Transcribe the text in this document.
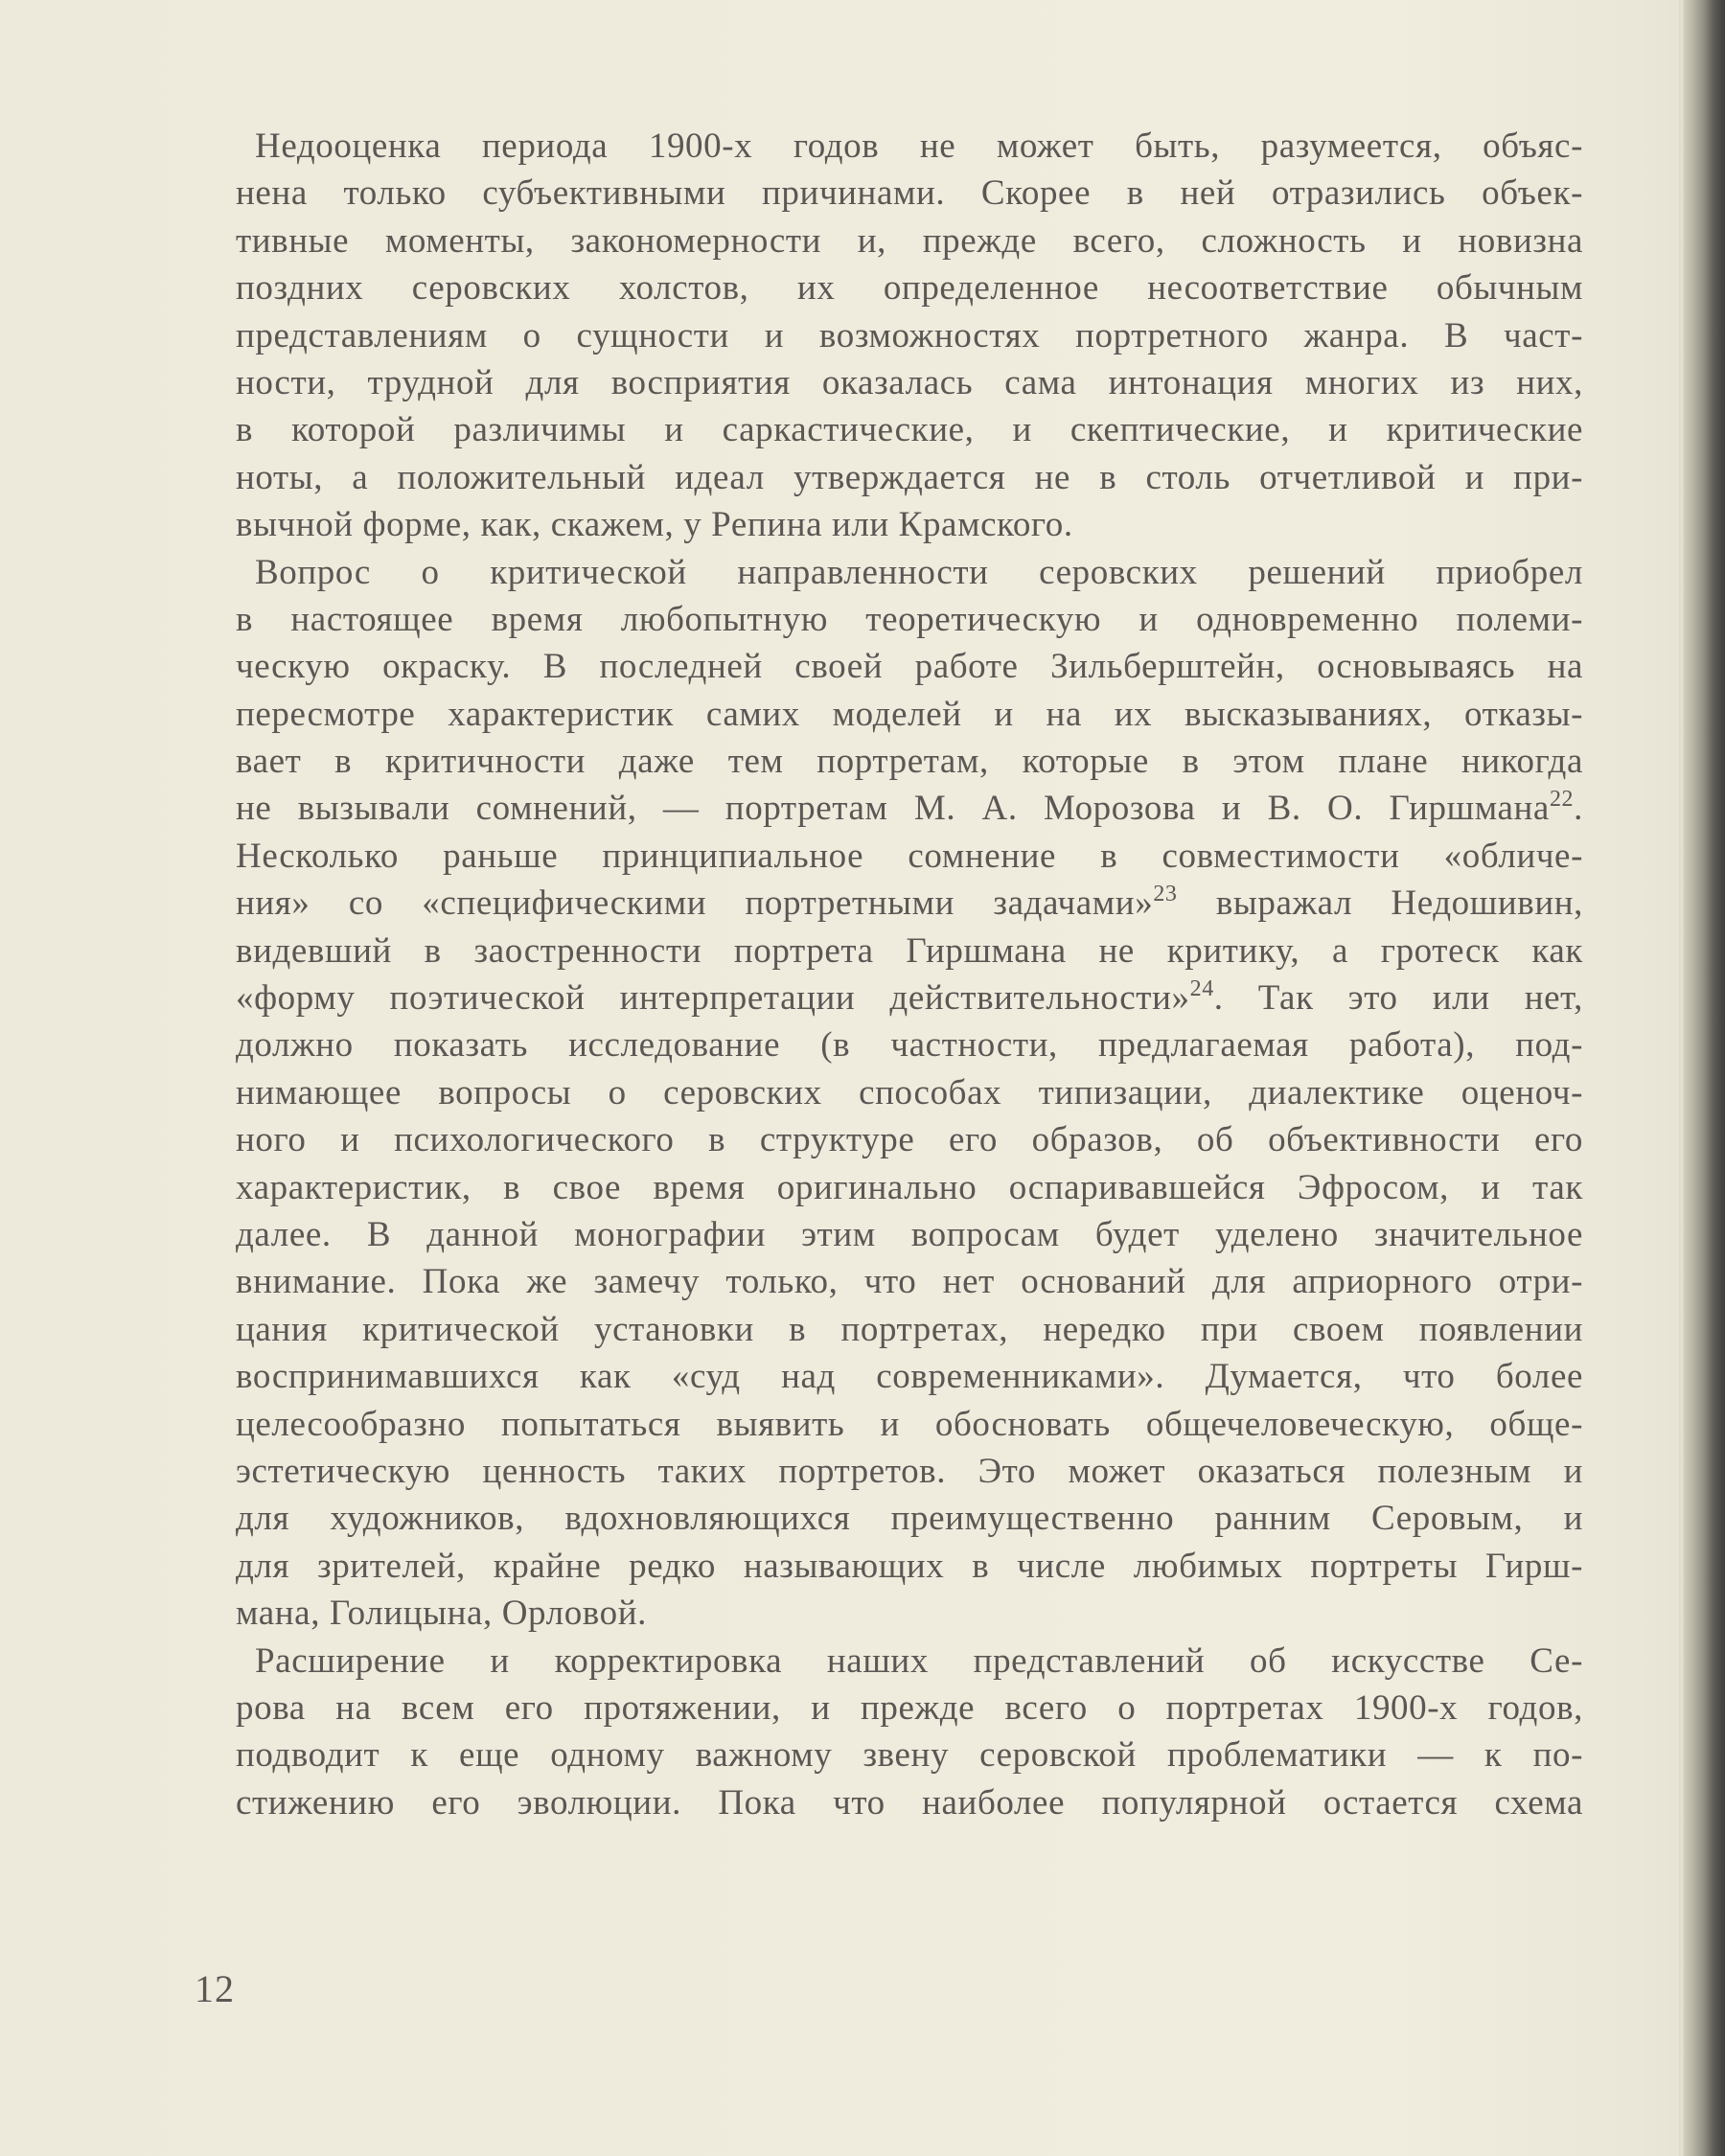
Недооценка периода 1900-х годов не может быть, разумеется, объяс-
нена только субъективными причинами. Скорее в ней отразились объек-
тивные моменты, закономерности и, прежде всего, сложность и новизна
поздних серовских холстов, их определенное несоответствие обычным
представлениям о сущности и возможностях портретного жанра. В част-
ности, трудной для восприятия оказалась сама интонация многих из них,
в которой различимы и саркастические, и скептические, и критические
ноты, а положительный идеал утверждается не в столь отчетливой и при-
вычной форме, как, скажем, у Репина или Крамского.
Вопрос о критической направленности серовских решений приобрел
в настоящее время любопытную теоретическую и одновременно полеми-
ческую окраску. В последней своей работе Зильберштейн, основываясь на
пересмотре характеристик самих моделей и на их высказываниях, отказы-
вает в критичности даже тем портретам, которые в этом плане никогда
не вызывали сомнений, — портретам М. А. Морозова и В. О. Гиршмана$^{22}$.
Несколько раньше принципиальное сомнение в совместимости «обличе-
ния» со «специфическими портретными задачами»$^{23}$ выражал Недошивин,
видевший в заостренности портрета Гиршмана не критику, а гротеск как
«форму поэтической интерпретации действительности»$^{24}$. Так это или нет,
должно показать исследование (в частности, предлагаемая работа), под-
нимающее вопросы о серовских способах типизации, диалектике оценоч-
ного и психологического в структуре его образов, об объективности его
характеристик, в свое время оригинально оспаривавшейся Эфросом, и так
далее. В данной монографии этим вопросам будет уделено значительное
внимание. Пока же замечу только, что нет оснований для априорного отри-
цания критической установки в портретах, нередко при своем появлении
воспринимавшихся как «суд над современниками». Думается, что более
целесообразно попытаться выявить и обосновать общечеловеческую, обще-
эстетическую ценность таких портретов. Это может оказаться полезным и
для художников, вдохновляющихся преимущественно ранним Серовым, и
для зрителей, крайне редко называющих в числе любимых портреты Гирш-
мана, Голицына, Орловой.
Расширение и корректировка наших представлений об искусстве Се-
рова на всем его протяжении, и прежде всего о портретах 1900-х годов,
подводит к еще одному важному звену серовской проблематики — к по-
стижению его эволюции. Пока что наиболее популярной остается схема
12
